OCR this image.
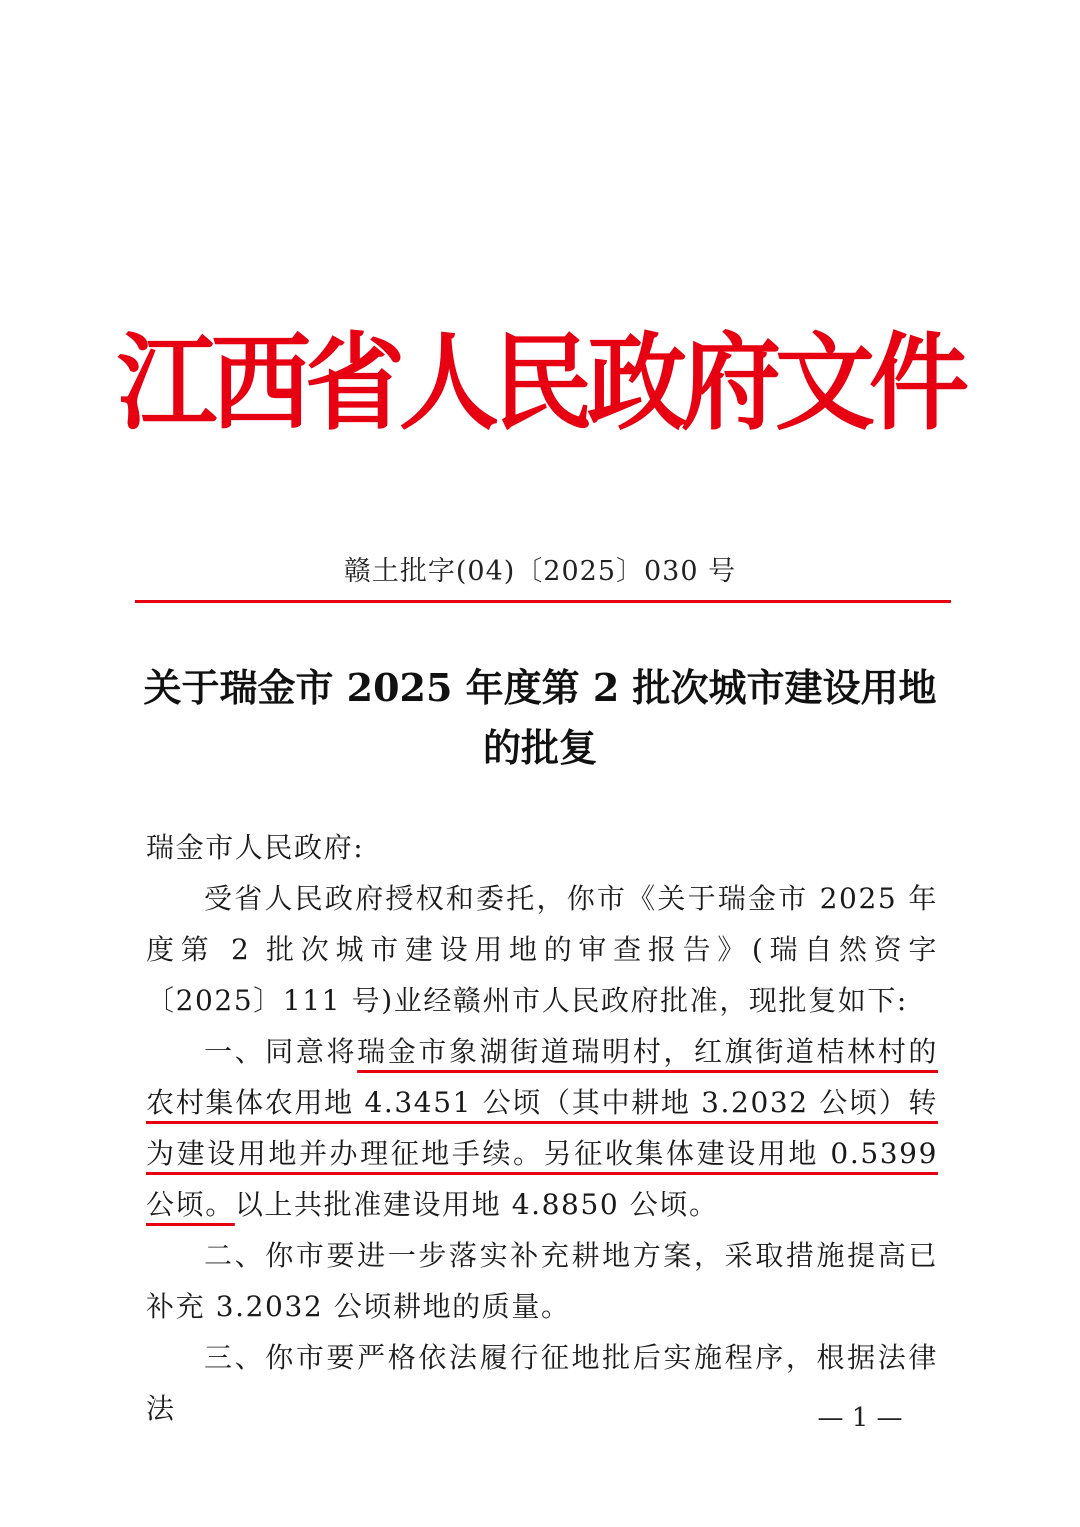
江西省人民政府文件
赣土批字(04)〔2025〕030 号
关于瑞金市 2025 年度第 2 批次城市建设用地
的批复

瑞金市人民政府:

受省人民政府授权和委托，你市《关于瑞金市 2025 年度第 2 批次城市建设用地的审查报告》(瑞自然资字〔2025〕111 号)业经赣州市人民政府批准，现批复如下:

一、同意将瑞金市象湖街道瑞明村，红旗街道桔林村的农村集体农用地 4.3451 公顷（其中耕地 3.2032 公顷）转为建设用地并办理征地手续。另征收集体建设用地 0.5399 公顷。以上共批准建设用地 4.8850 公顷。

二、你市要进一步落实补充耕地方案，采取措施提高已补充 3.2032 公顷耕地的质量。

三、你市要严格依法履行征地批后实施程序，根据法律法	— 1 —
